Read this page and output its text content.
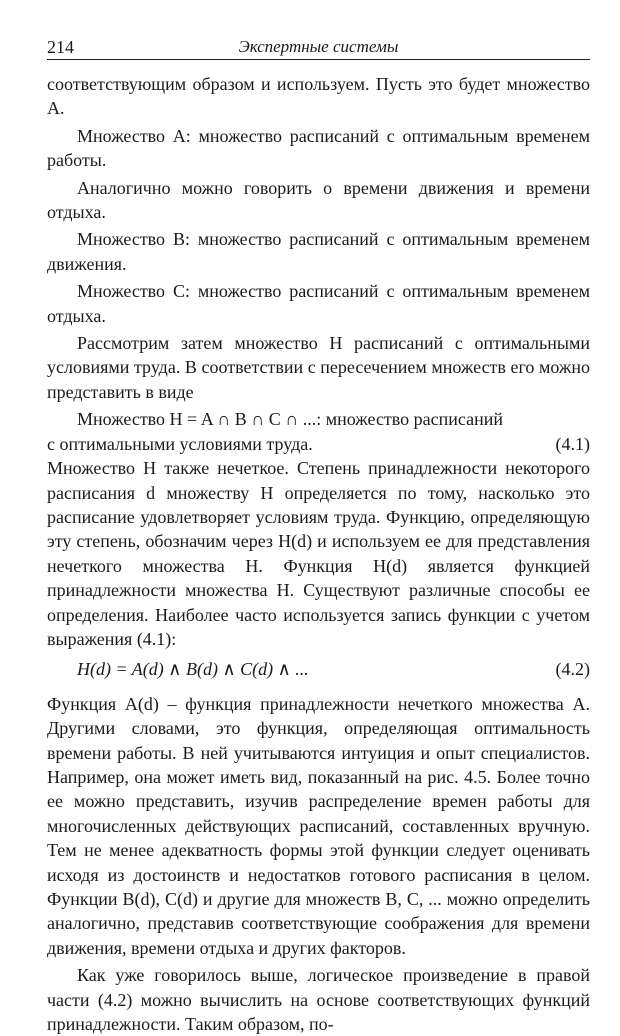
214	Экспертные системы

соответствующим образом и используем. Пусть это будет множество A.

Множество A: множество расписаний с оптимальным временем работы.

Аналогично можно говорить о времени движения и времени отдыха.

Множество B: множество расписаний с оптимальным временем движения.

Множество C: множество расписаний с оптимальным временем отдыха.

Рассмотрим затем множество H расписаний с оптимальными условиями труда. В соответствии с пересечением множеств его можно представить в виде

Множество H = A ∩ B ∩ C ∩ ...: множество расписаний

с оптимальными условиями труда.	(4.1)

Множество H также нечеткое. Степень принадлежности некоторого расписания d множеству H определяется по тому, насколько это расписание удовлетворяет условиям труда. Функцию, определяющую эту степень, обозначим через H(d) и используем ее для представления нечеткого множества H. Функция H(d) является функцией принадлежности множества H. Существуют различные способы ее определения. Наиболее часто используется запись функции с учетом выражения (4.1):

H(d) = A(d) ∧ B(d) ∧ C(d) ∧ ...	(4.2)

Функция A(d) – функция принадлежности нечеткого множества A. Другими словами, это функция, определяющая оптимальность времени работы. В ней учитываются интуиция и опыт специалистов. Например, она может иметь вид, показанный на рис. 4.5. Более точно ее можно представить, изучив распределение времен работы для многочисленных действующих расписаний, составленных вручную. Тем не менее адекватность формы этой функции следует оценивать исходя из достоинств и недостатков готового расписания в целом. Функции B(d), C(d) и другие для множеств B, C, ... можно определить аналогично, представив соответствующие соображения для времени движения, времени отдыха и других факторов.

Как уже говорилось выше, логическое произведение в правой части (4.2) можно вычислить на основе соответствующих функций принадлежности. Таким образом, по-
